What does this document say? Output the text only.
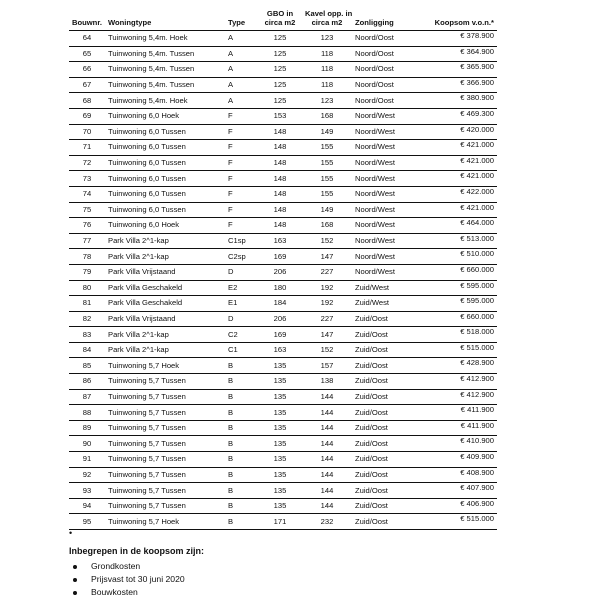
Bouwnr.	Woningtype	Type	GBO in
circa m2	Kavel opp. in
circa m2	Zonligging	Koopsom v.o.n.*
64	Tuinwoning 5,4m. Hoek	A	125	123	Noord/Oost	€ 378.900
65	Tuinwoning 5,4m. Tussen	A	125	118	Noord/Oost	€ 364.900
66	Tuinwoning 5,4m. Tussen	A	125	118	Noord/Oost	€ 365.900
67	Tuinwoning 5,4m. Tussen	A	125	118	Noord/Oost	€ 366.900
68	Tuinwoning 5,4m. Hoek	A	125	123	Noord/Oost	€ 380.900
69	Tuinwoning 6,0 Hoek	F	153	168	Noord/West	€ 469.300
70	Tuinwoning 6,0 Tussen	F	148	149	Noord/West	€ 420.000
71	Tuinwoning 6,0 Tussen	F	148	155	Noord/West	€ 421.000
72	Tuinwoning 6,0 Tussen	F	148	155	Noord/West	€ 421.000
73	Tuinwoning 6,0 Tussen	F	148	155	Noord/West	€ 421.000
74	Tuinwoning 6,0 Tussen	F	148	155	Noord/West	€ 422.000
75	Tuinwoning 6,0 Tussen	F	148	149	Noord/West	€ 421.000
76	Tuinwoning 6,0 Hoek	F	148	168	Noord/West	€ 464.000
77	Park Villa 2^1-kap	C1sp	163	152	Noord/West	€ 513.000
78	Park Villa 2^1-kap	C2sp	169	147	Noord/West	€ 510.000
79	Park Villa Vrijstaand	D	206	227	Noord/West	€ 660.000
80	Park Villa Geschakeld	E2	180	192	Zuid/West	€ 595.000
81	Park Villa Geschakeld	E1	184	192	Zuid/West	€ 595.000
82	Park Villa Vrijstaand	D	206	227	Zuid/Oost	€ 660.000
83	Park Villa 2^1-kap	C2	169	147	Zuid/Oost	€ 518.000
84	Park Villa 2^1-kap	C1	163	152	Zuid/Oost	€ 515.000
85	Tuinwoning 5,7 Hoek	B	135	157	Zuid/Oost	€ 428.900
86	Tuinwoning 5,7 Tussen	B	135	138	Zuid/Oost	€ 412.900
87	Tuinwoning 5,7 Tussen	B	135	144	Zuid/Oost	€ 412.900
88	Tuinwoning 5,7 Tussen	B	135	144	Zuid/Oost	€ 411.900
89	Tuinwoning 5,7 Tussen	B	135	144	Zuid/Oost	€ 411.900
90	Tuinwoning 5,7 Tussen	B	135	144	Zuid/Oost	€ 410.900
91	Tuinwoning 5,7 Tussen	B	135	144	Zuid/Oost	€ 409.900
92	Tuinwoning 5,7 Tussen	B	135	144	Zuid/Oost	€ 408.900
93	Tuinwoning 5,7 Tussen	B	135	144	Zuid/Oost	€ 407.900
94	Tuinwoning 5,7 Tussen	B	135	144	Zuid/Oost	€ 406.900
95	Tuinwoning 5,7 Hoek	B	171	232	Zuid/Oost	€ 515.000
•
Inbegrepen in de koopsom zijn:
Grondkosten
Prijsvast tot 30 juni 2020
Bouwkosten
